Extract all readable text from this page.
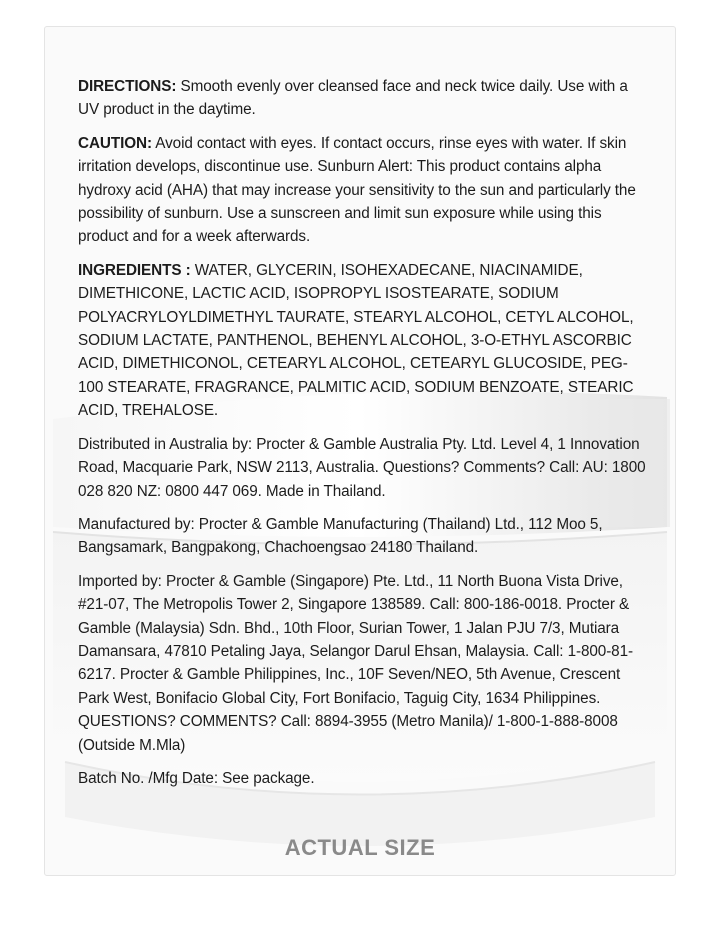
DIRECTIONS: Smooth evenly over cleansed face and neck twice daily. Use with a UV product in the daytime.

CAUTION: Avoid contact with eyes. If contact occurs, rinse eyes with water. If skin irritation develops, discontinue use. Sunburn Alert: This product contains alpha hydroxy acid (AHA) that may increase your sensitivity to the sun and particularly the possibility of sunburn. Use a sunscreen and limit sun exposure while using this product and for a week afterwards.

INGREDIENTS : WATER, GLYCERIN, ISOHEXADECANE, NIACINAMIDE, DIMETHICONE, LACTIC ACID, ISOPROPYL ISOSTEARATE, SODIUM POLYACRYLOYLDIMETHYL TAURATE, STEARYL ALCOHOL, CETYL ALCOHOL, SODIUM LACTATE, PANTHENOL, BEHENYL ALCOHOL, 3-O-ETHYL ASCORBIC ACID, DIMETHICONOL, CETEARYL ALCOHOL, CETEARYL GLUCOSIDE, PEG-100 STEARATE, FRAGRANCE, PALMITIC ACID, SODIUM BENZOATE, STEARIC ACID, TREHALOSE.

Distributed in Australia by: Procter & Gamble Australia Pty. Ltd. Level 4, 1 Innovation Road, Macquarie Park, NSW 2113, Australia. Questions? Comments? Call: AU: 1800 028 820 NZ: 0800 447 069. Made in Thailand.

Manufactured by: Procter & Gamble Manufacturing (Thailand) Ltd., 112 Moo 5, Bangsamark, Bangpakong, Chachoengsao 24180 Thailand.

Imported by: Procter & Gamble (Singapore) Pte. Ltd., 11 North Buona Vista Drive, #21-07, The Metropolis Tower 2, Singapore 138589. Call: 800-186-0018. Procter & Gamble (Malaysia) Sdn. Bhd., 10th Floor, Surian Tower, 1 Jalan PJU 7/3, Mutiara Damansara, 47810 Petaling Jaya, Selangor Darul Ehsan, Malaysia. Call: 1-800-81-6217. Procter & Gamble Philippines, Inc., 10F Seven/NEO, 5th Avenue, Crescent Park West, Bonifacio Global City, Fort Bonifacio, Taguig City, 1634 Philippines. QUESTIONS? COMMENTS? Call: 8894-3955 (Metro Manila)/ 1-800-1-888-8008 (Outside M.Mla)

Batch No. /Mfg Date: See package.

ACTUAL SIZE
